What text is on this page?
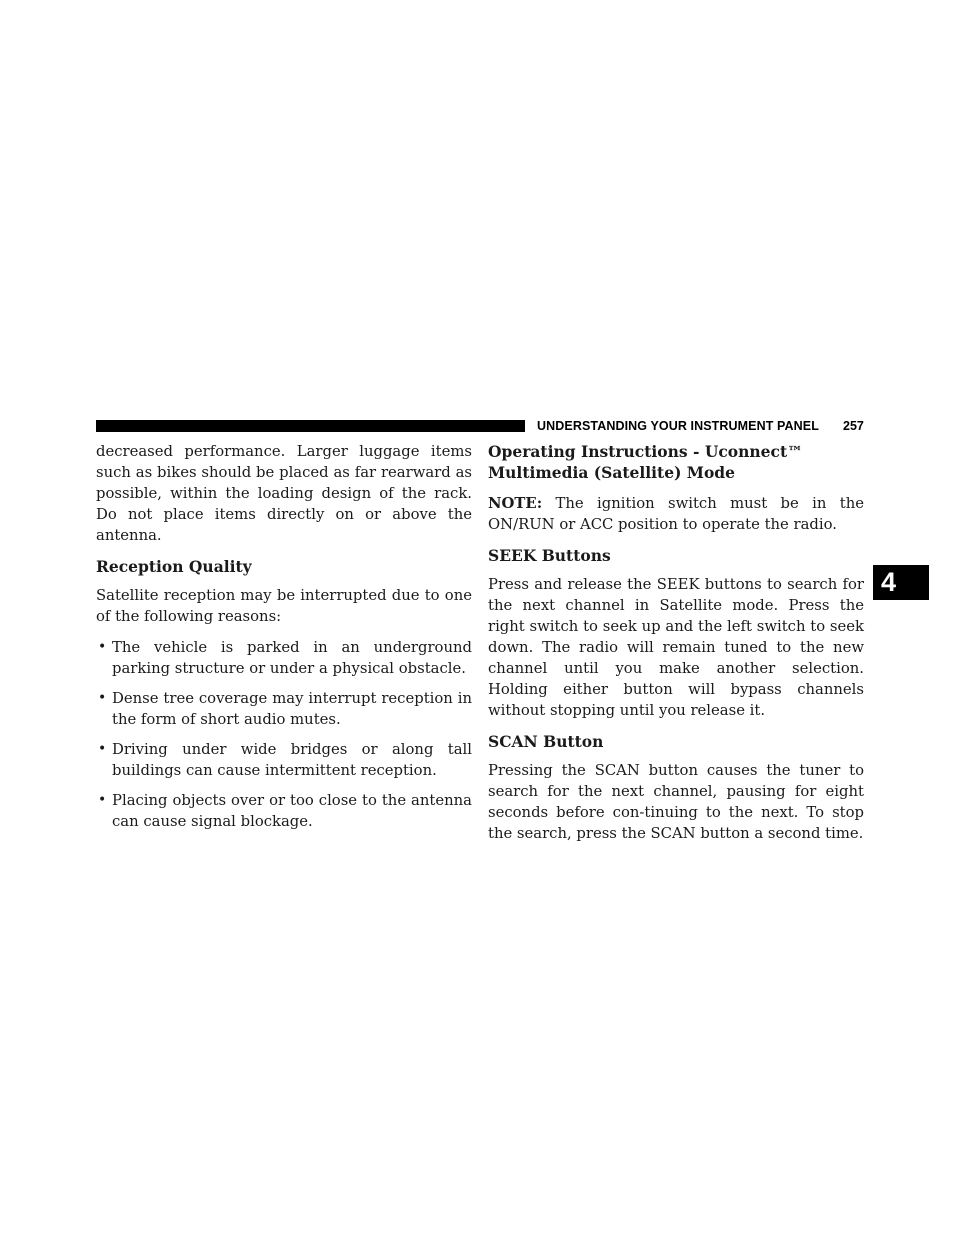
UNDERSTANDING YOUR INSTRUMENT PANEL 257
4

decreased performance. Larger luggage items such as bikes should be placed as far rearward as possible, within the loading design of the rack. Do not place items directly on or above the antenna.

Reception Quality

Satellite reception may be interrupted due to one of the following reasons:

• The vehicle is parked in an underground parking structure or under a physical obstacle.
• Dense tree coverage may interrupt reception in the form of short audio mutes.
• Driving under wide bridges or along tall buildings can cause intermittent reception.
• Placing objects over or too close to the antenna can cause signal blockage.
Operating Instructions - Uconnect™ Multimedia (Satellite) Mode

NOTE: The ignition switch must be in the ON/RUN or ACC position to operate the radio.

SEEK Buttons

Press and release the SEEK buttons to search for the next channel in Satellite mode. Press the right switch to seek up and the left switch to seek down. The radio will remain tuned to the new channel until you make another selection. Holding either button will bypass channels without stopping until you release it.

SCAN Button

Pressing the SCAN button causes the tuner to search for the next channel, pausing for eight seconds before con-tinuing to the next. To stop the search, press the SCAN button a second time.
